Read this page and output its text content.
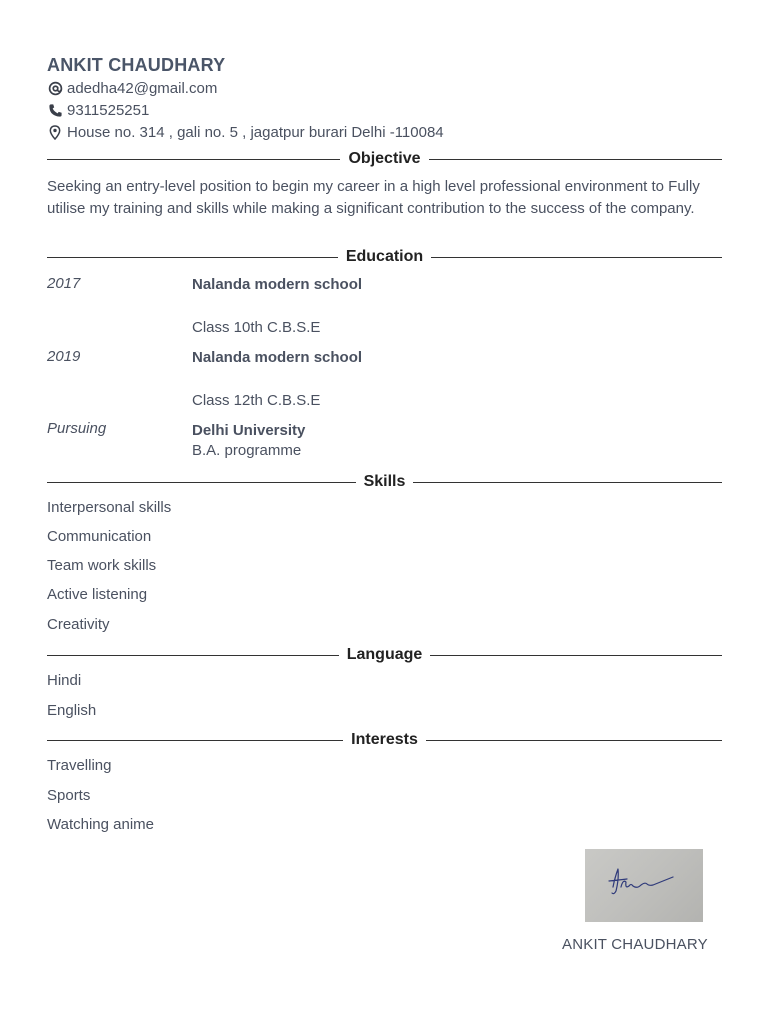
ANKIT CHAUDHARY
adedha42@gmail.com
9311525251
House no. 314 , gali no. 5 , jagatpur burari Delhi -110084
Objective
Seeking an entry-level position to begin my career in a high level professional environment to Fully utilise my training and skills while making a significant contribution to the success of the company.
Education
2017	Nalanda modern school
Class 10th C.B.S.E
2019	Nalanda modern school
Class 12th C.B.S.E
Pursuing	Delhi University
B.A. programme
Skills
Interpersonal skills
Communication
Team work skills
Active listening
Creativity
Language
Hindi
English
Interests
Travelling
Sports
Watching anime
ANKIT CHAUDHARY
